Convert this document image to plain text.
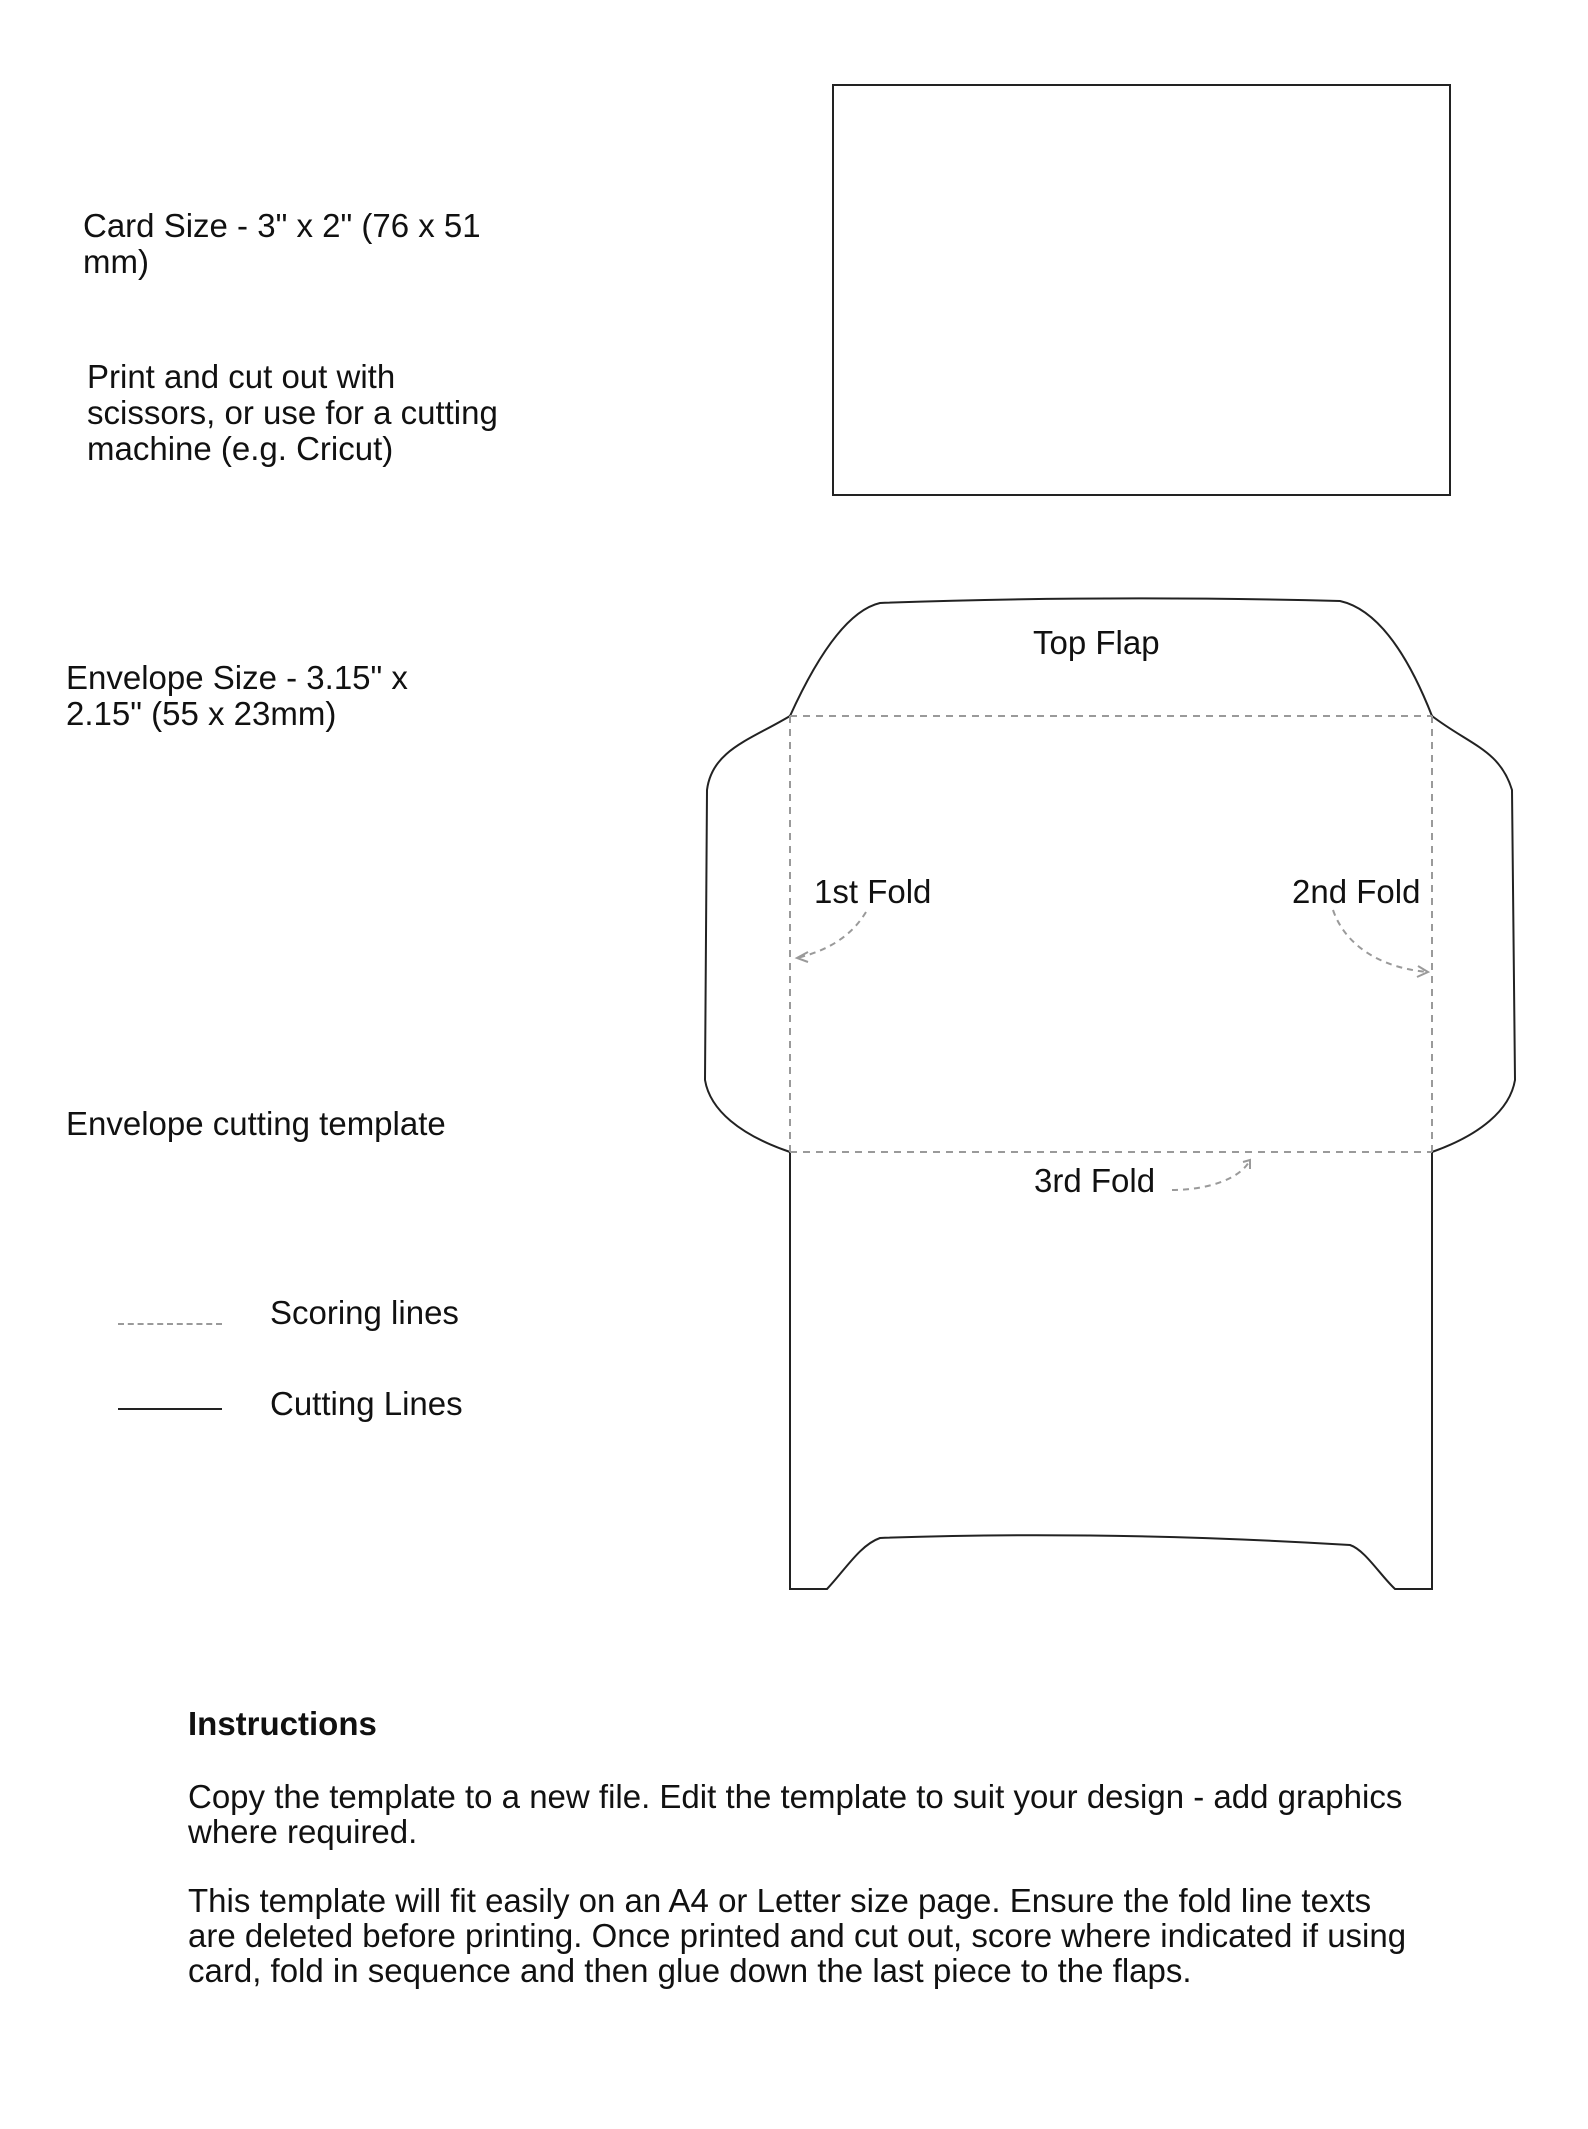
Card Size - 3" x 2" (76 x 51
mm)
Print and cut out with
scissors, or use for a cutting
machine (e.g. Cricut)
Envelope Size - 3.15" x
2.15" (55 x 23mm)
Envelope cutting template
Scoring lines
Cutting Lines
Top Flap
1st Fold	2nd Fold
3rd Fold
Instructions
Copy the template to a new file. Edit the template to suit your design - add graphics
where required.
This template will fit easily on an A4 or Letter size page. Ensure the fold line texts
are deleted before printing. Once printed and cut out, score where indicated if using
card, fold in sequence and then glue down the last piece to the flaps.
